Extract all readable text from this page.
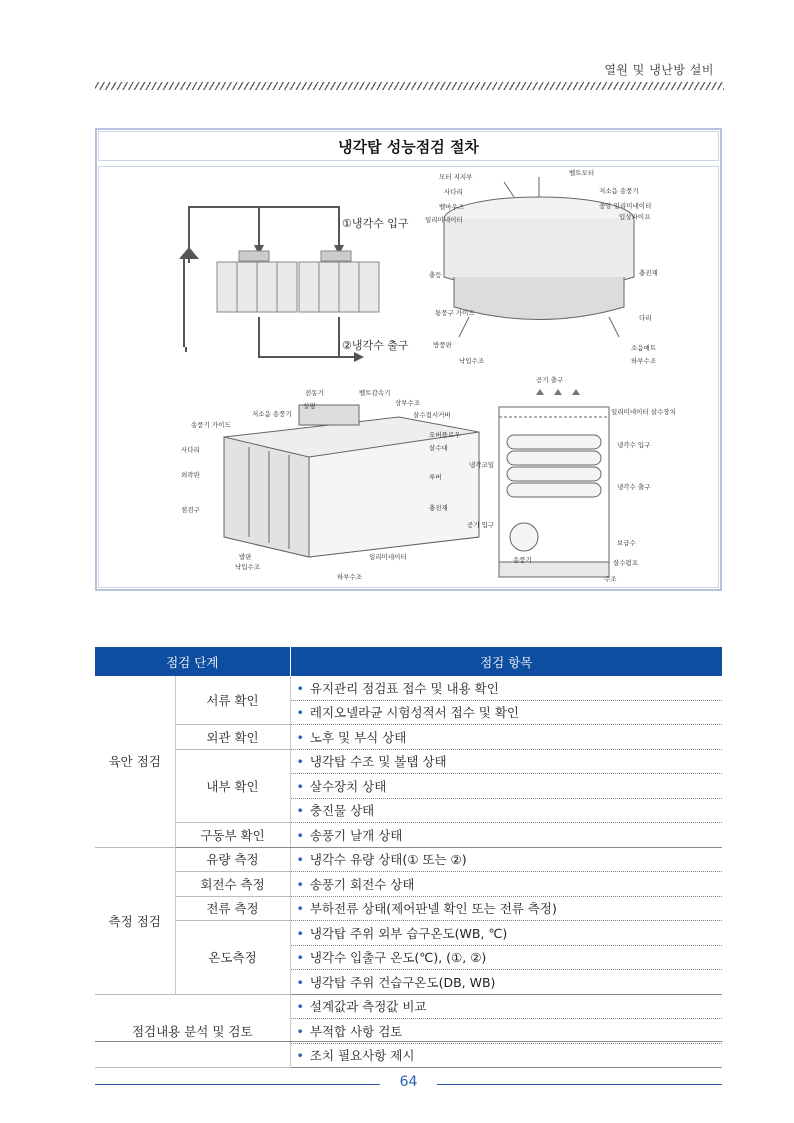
열원 및 냉난방 설비
냉각탑 성능점검 절차
①냉각수 입구
②냉각수 출구
모터 지지부	벨트모터
사다리	저소음 송풍기
벨마우즈	중앙 일리미네이터
일리미네이터	입상파이프
충등	충진재
통풍구 가이드
다리
방풍판	소음매트
낙입수조	하부수조
전동기	벨트감속기
실링	상부수조
저소음 송풍기	살수접시커버
송풍기 가이드
오버플로우
사다리	살수대
외곽판	루버
점검구	충진재
발판	일리미네이터
낙입수조
하부수조
공기 출구
일리미네이터 살수장치
냉각수 입구
냉각코일
냉각수 출구
공기 입구
송풍기
보급수
살수펌프
수조
점검 단계		점검 항목
육안 점검	서류 확인	• 유지관리 점검표 접수 및 내용 확인
		• 레지오넬라균 시험성적서 접수 및 확인
	외관 확인	• 노후 및 부식 상태
	내부 확인	• 냉각탑 수조 및 볼탭 상태
		• 살수장치 상태
		• 충진물 상태
	구동부 확인	• 송풍기 날개 상태
측정 점검	유량 측정	• 냉각수 유량 상태(① 또는 ②)
	회전수 측정	• 송풍기 회전수 상태
	전류 측정	• 부하전류 상태(제어판넬 확인 또는 전류 측정)
	온도측정	• 냉각탑 주위 외부 습구온도(WB, ℃)
		• 냉각수 입출구 온도(℃), (①, ②)
		• 냉각탑 주위 건습구온도(DB, WB)
점검내용 분석 및 검토		• 설계값과 측정값 비교
		• 부적합 사항 검토
		• 조치 필요사항 제시
64
